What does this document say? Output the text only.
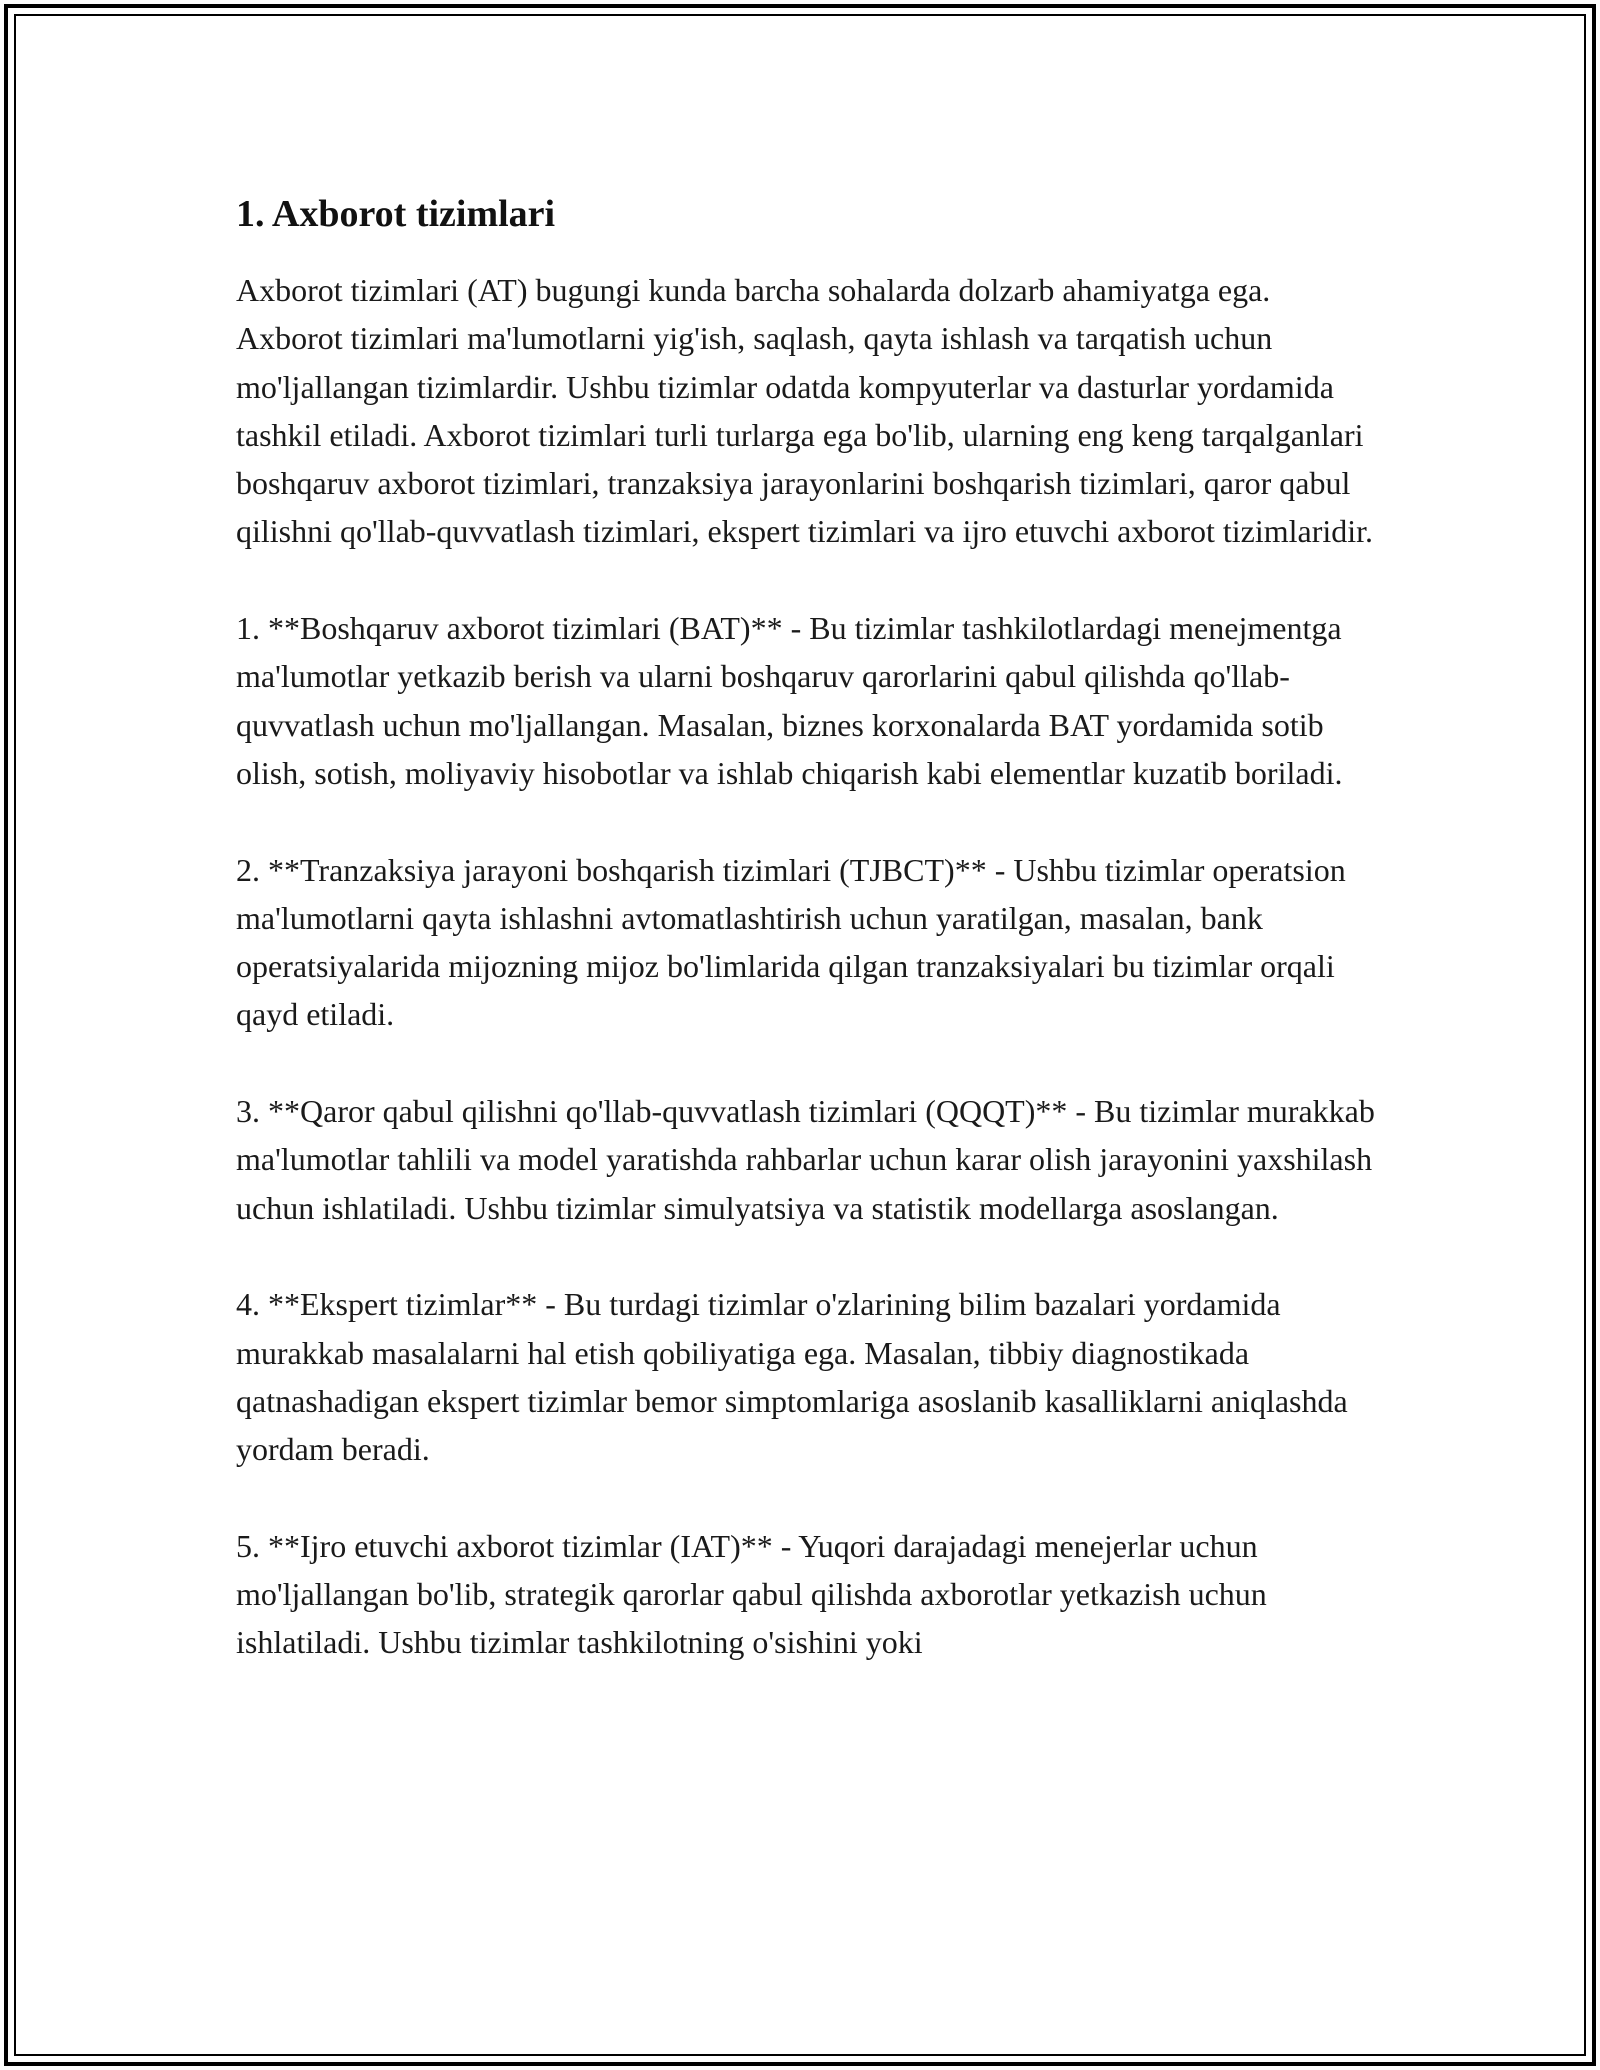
1. Axborot tizimlari

Axborot tizimlari (AT) bugungi kunda barcha sohalarda dolzarb ahamiyatga ega. Axborot tizimlari ma'lumotlarni yig'ish, saqlash, qayta ishlash va tarqatish uchun mo'ljallangan tizimlardir. Ushbu tizimlar odatda kompyuterlar va dasturlar yordamida tashkil etiladi. Axborot tizimlari turli turlarga ega bo'lib, ularning eng keng tarqalganlari boshqaruv axborot tizimlari, tranzaksiya jarayonlarini boshqarish tizimlari, qaror qabul qilishni qo'llab-quvvatlash tizimlari, ekspert tizimlari va ijro etuvchi axborot tizimlaridir.

1. **Boshqaruv axborot tizimlari (BAT)** - Bu tizimlar tashkilotlardagi menejmentga ma'lumotlar yetkazib berish va ularni boshqaruv qarorlarini qabul qilishda qo'llab-quvvatlash uchun mo'ljallangan. Masalan, biznes korxonalarda BAT yordamida sotib olish, sotish, moliyaviy hisobotlar va ishlab chiqarish kabi elementlar kuzatib boriladi.

2. **Tranzaksiya jarayoni boshqarish tizimlari (TJBCT)** - Ushbu tizimlar operatsion ma'lumotlarni qayta ishlashni avtomatlashtirish uchun yaratilgan, masalan, bank operatsiyalarida mijozning mijoz bo'limlarida qilgan tranzaksiyalari bu tizimlar orqali qayd etiladi.

3. **Qaror qabul qilishni qo'llab-quvvatlash tizimlari (QQQT)** - Bu tizimlar murakkab ma'lumotlar tahlili va model yaratishda rahbarlar uchun karar olish jarayonini yaxshilash uchun ishlatiladi. Ushbu tizimlar simulyatsiya va statistik modellarga asoslangan.

4. **Ekspert tizimlar** - Bu turdagi tizimlar o'zlarining bilim bazalari yordamida murakkab masalalarni hal etish qobiliyatiga ega. Masalan, tibbiy diagnostikada qatnashadigan ekspert tizimlar bemor simptomlariga asoslanib kasalliklarni aniqlashda yordam beradi.

5. **Ijro etuvchi axborot tizimlar (IAT)** - Yuqori darajadagi menejerlar uchun mo'ljallangan bo'lib, strategik qarorlar qabul qilishda axborotlar yetkazish uchun ishlatiladi. Ushbu tizimlar tashkilotning o'sishini yoki
